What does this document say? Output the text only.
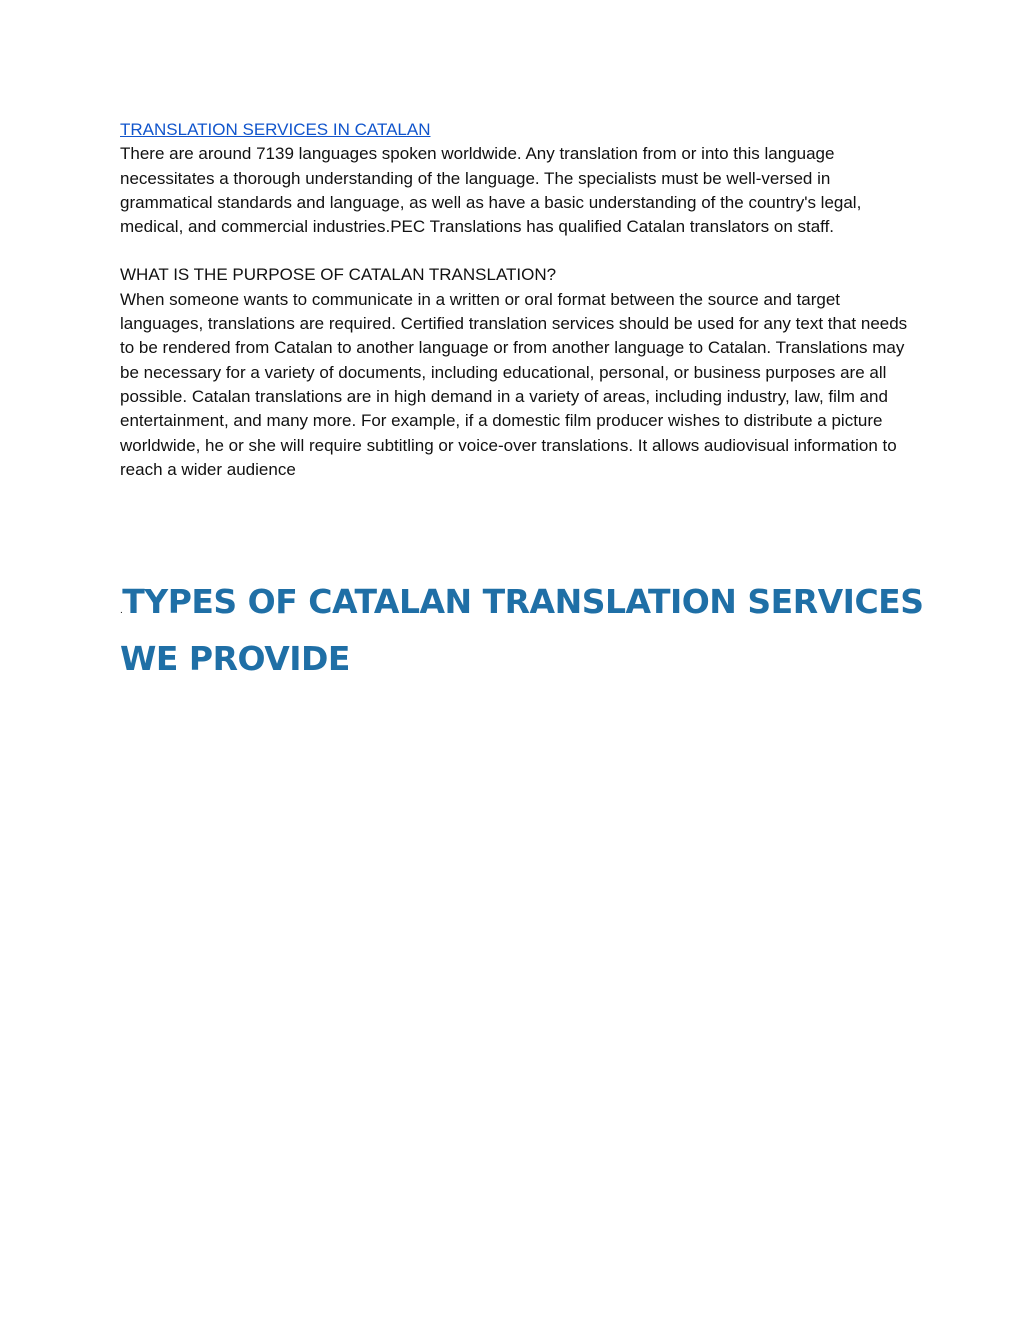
TRANSLATION SERVICES IN CATALAN

There are around 7139 languages spoken worldwide. Any translation from or into this language necessitates a thorough understanding of the language. The specialists must be well-versed in grammatical standards and language, as well as have a basic understanding of the country's legal, medical, and commercial industries.PEC Translations has qualified Catalan translators on staff.

WHAT IS THE PURPOSE OF CATALAN TRANSLATION?

When someone wants to communicate in a written or oral format between the source and target languages, translations are required. Certified translation services should be used for any text that needs to be rendered from Catalan to another language or from another language to Catalan. Translations may be necessary for a variety of documents, including educational, personal, or business purposes are all possible. Catalan translations are in high demand in a variety of areas, including industry, law, film and entertainment, and many more. For example, if a domestic film producer wishes to distribute a picture worldwide, he or she will require subtitling or voice-over translations. It allows audiovisual information to reach a wider audience

.TYPES OF CATALAN TRANSLATION SERVICES WE PROVIDE
